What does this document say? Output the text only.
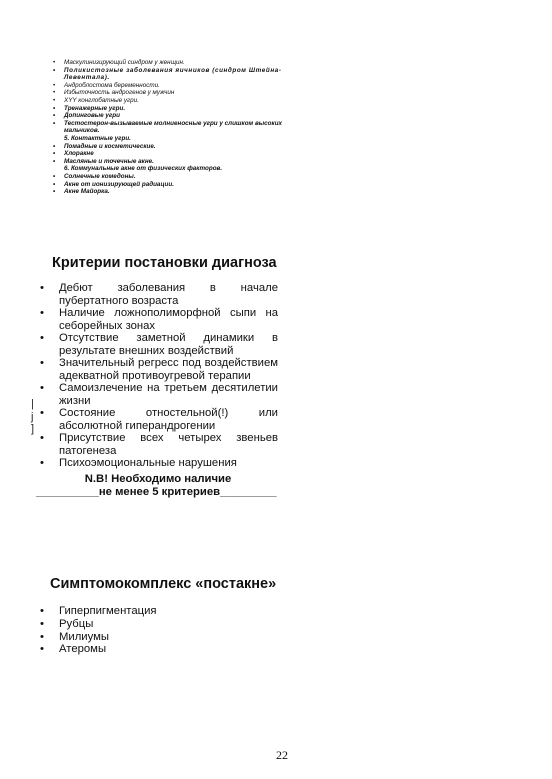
• Маскулинизирующий синдром у женщин.
• Поликистозные заболевания яичников (синдром Штейна-Левентала).
• Андроблостома беременности.
• Избыточность андрогенов у мужчин
• XYY конглобатные угри.
• Тренажерные угри.
• Допинговые угри
• Тестостерон-вызываемые молниеносные угри у слишком высоких мальчиков.
5. Контактные угри.
• Помадные и косметические.
• Хлоракне
• Масляные и точечные акне.
6. Коммунальные акне от физических факторов.
• Солнечные комедоны.
• Акне от ионизирующей радиации.
• Акне Майорка.
Критерии постановки диагноза
• Дебют заболевания в начале пубертатного возраста
• Наличие ложнополиморфной сыпи на себорейных зонах
• Отсутствие заметной динамики в результате внешних воздействий
• Значительный регресс под воздействием адекватной противоугревой терапии
• Самоизлечение на третьем десятилетии жизни
• Состояние отностельной(!) или абсолютной гиперандрогении
• Присутствие всех четырех звеньев патогенеза
• Психоэмоциональные нарушения
|
j
]
N.B! Необходимо наличие
__________не менее 5 критериев_________
Симптомокомплекс «постакне»
• Гиперпигментация
• Рубцы
• Милиумы
• Атеромы
22
